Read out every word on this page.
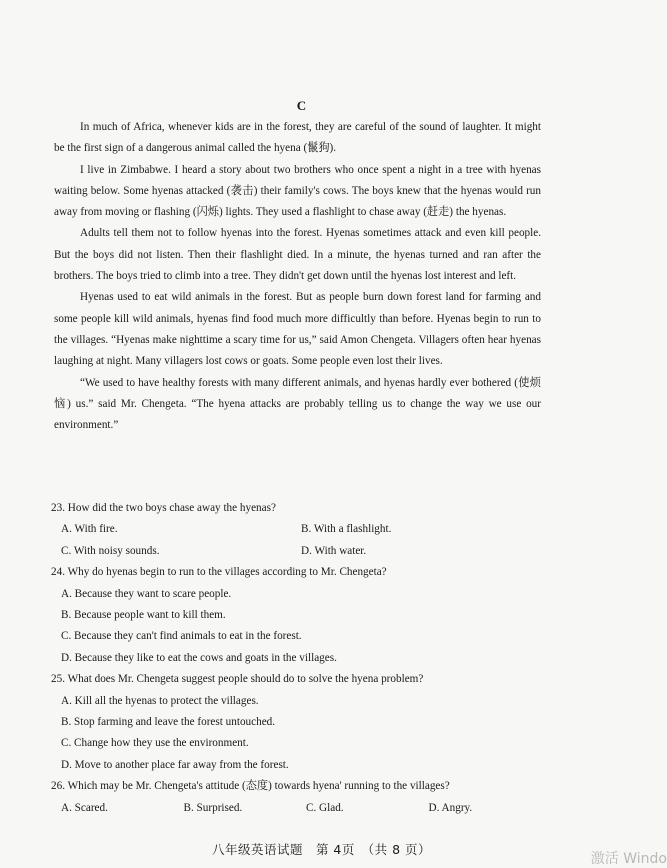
C

In much of Africa, whenever kids are in the forest, they are careful of the sound of laughter. It might be the first sign of a dangerous animal called the hyena (鬣狗).

I live in Zimbabwe. I heard a story about two brothers who once spent a night in a tree with hyenas waiting below. Some hyenas attacked (袭击) their family's cows. The boys knew that the hyenas would run away from moving or flashing (闪烁) lights. They used a flashlight to chase away (赶走) the hyenas.

Adults tell them not to follow hyenas into the forest. Hyenas sometimes attack and even kill people. But the boys did not listen. Then their flashlight died. In a minute, the hyenas turned and ran after the brothers. The boys tried to climb into a tree. They didn't get down until the hyenas lost interest and left.

Hyenas used to eat wild animals in the forest. But as people burn down forest land for farming and some people kill wild animals, hyenas find food much more difficultly than before. Hyenas begin to run to the villages. “Hyenas make nighttime a scary time for us,” said Amon Chengeta. Villagers often hear hyenas laughing at night. Many villagers lost cows or goats. Some people even lost their lives.

“We used to have healthy forests with many different animals, and hyenas hardly ever bothered (使烦恼) us.” said Mr. Chengeta. “The hyena attacks are probably telling us to change the way we use our environment.”

23. How did the two boys chase away the hyenas?

A. With fire.	B. With a flashlight.
C. With noisy sounds.	D. With water.

24. Why do hyenas begin to run to the villages according to Mr. Chengeta?

A. Because they want to scare people.
B. Because people want to kill them.
C. Because they can't find animals to eat in the forest.
D. Because they like to eat the cows and goats in the villages.

25. What does Mr. Chengeta suggest people should do to solve the hyena problem?

A. Kill all the hyenas to protect the villages.
B. Stop farming and leave the forest untouched.
C. Change how they use the environment.
D. Move to another place far away from the forest.

26. Which may be Mr. Chengeta's attitude (态度) towards hyena' running to the villages?

A. Scared.	B. Surprised.	C. Glad.	D. Angry.
八年级英语试题　第 4页　（共 8 页）
激活 Windo
